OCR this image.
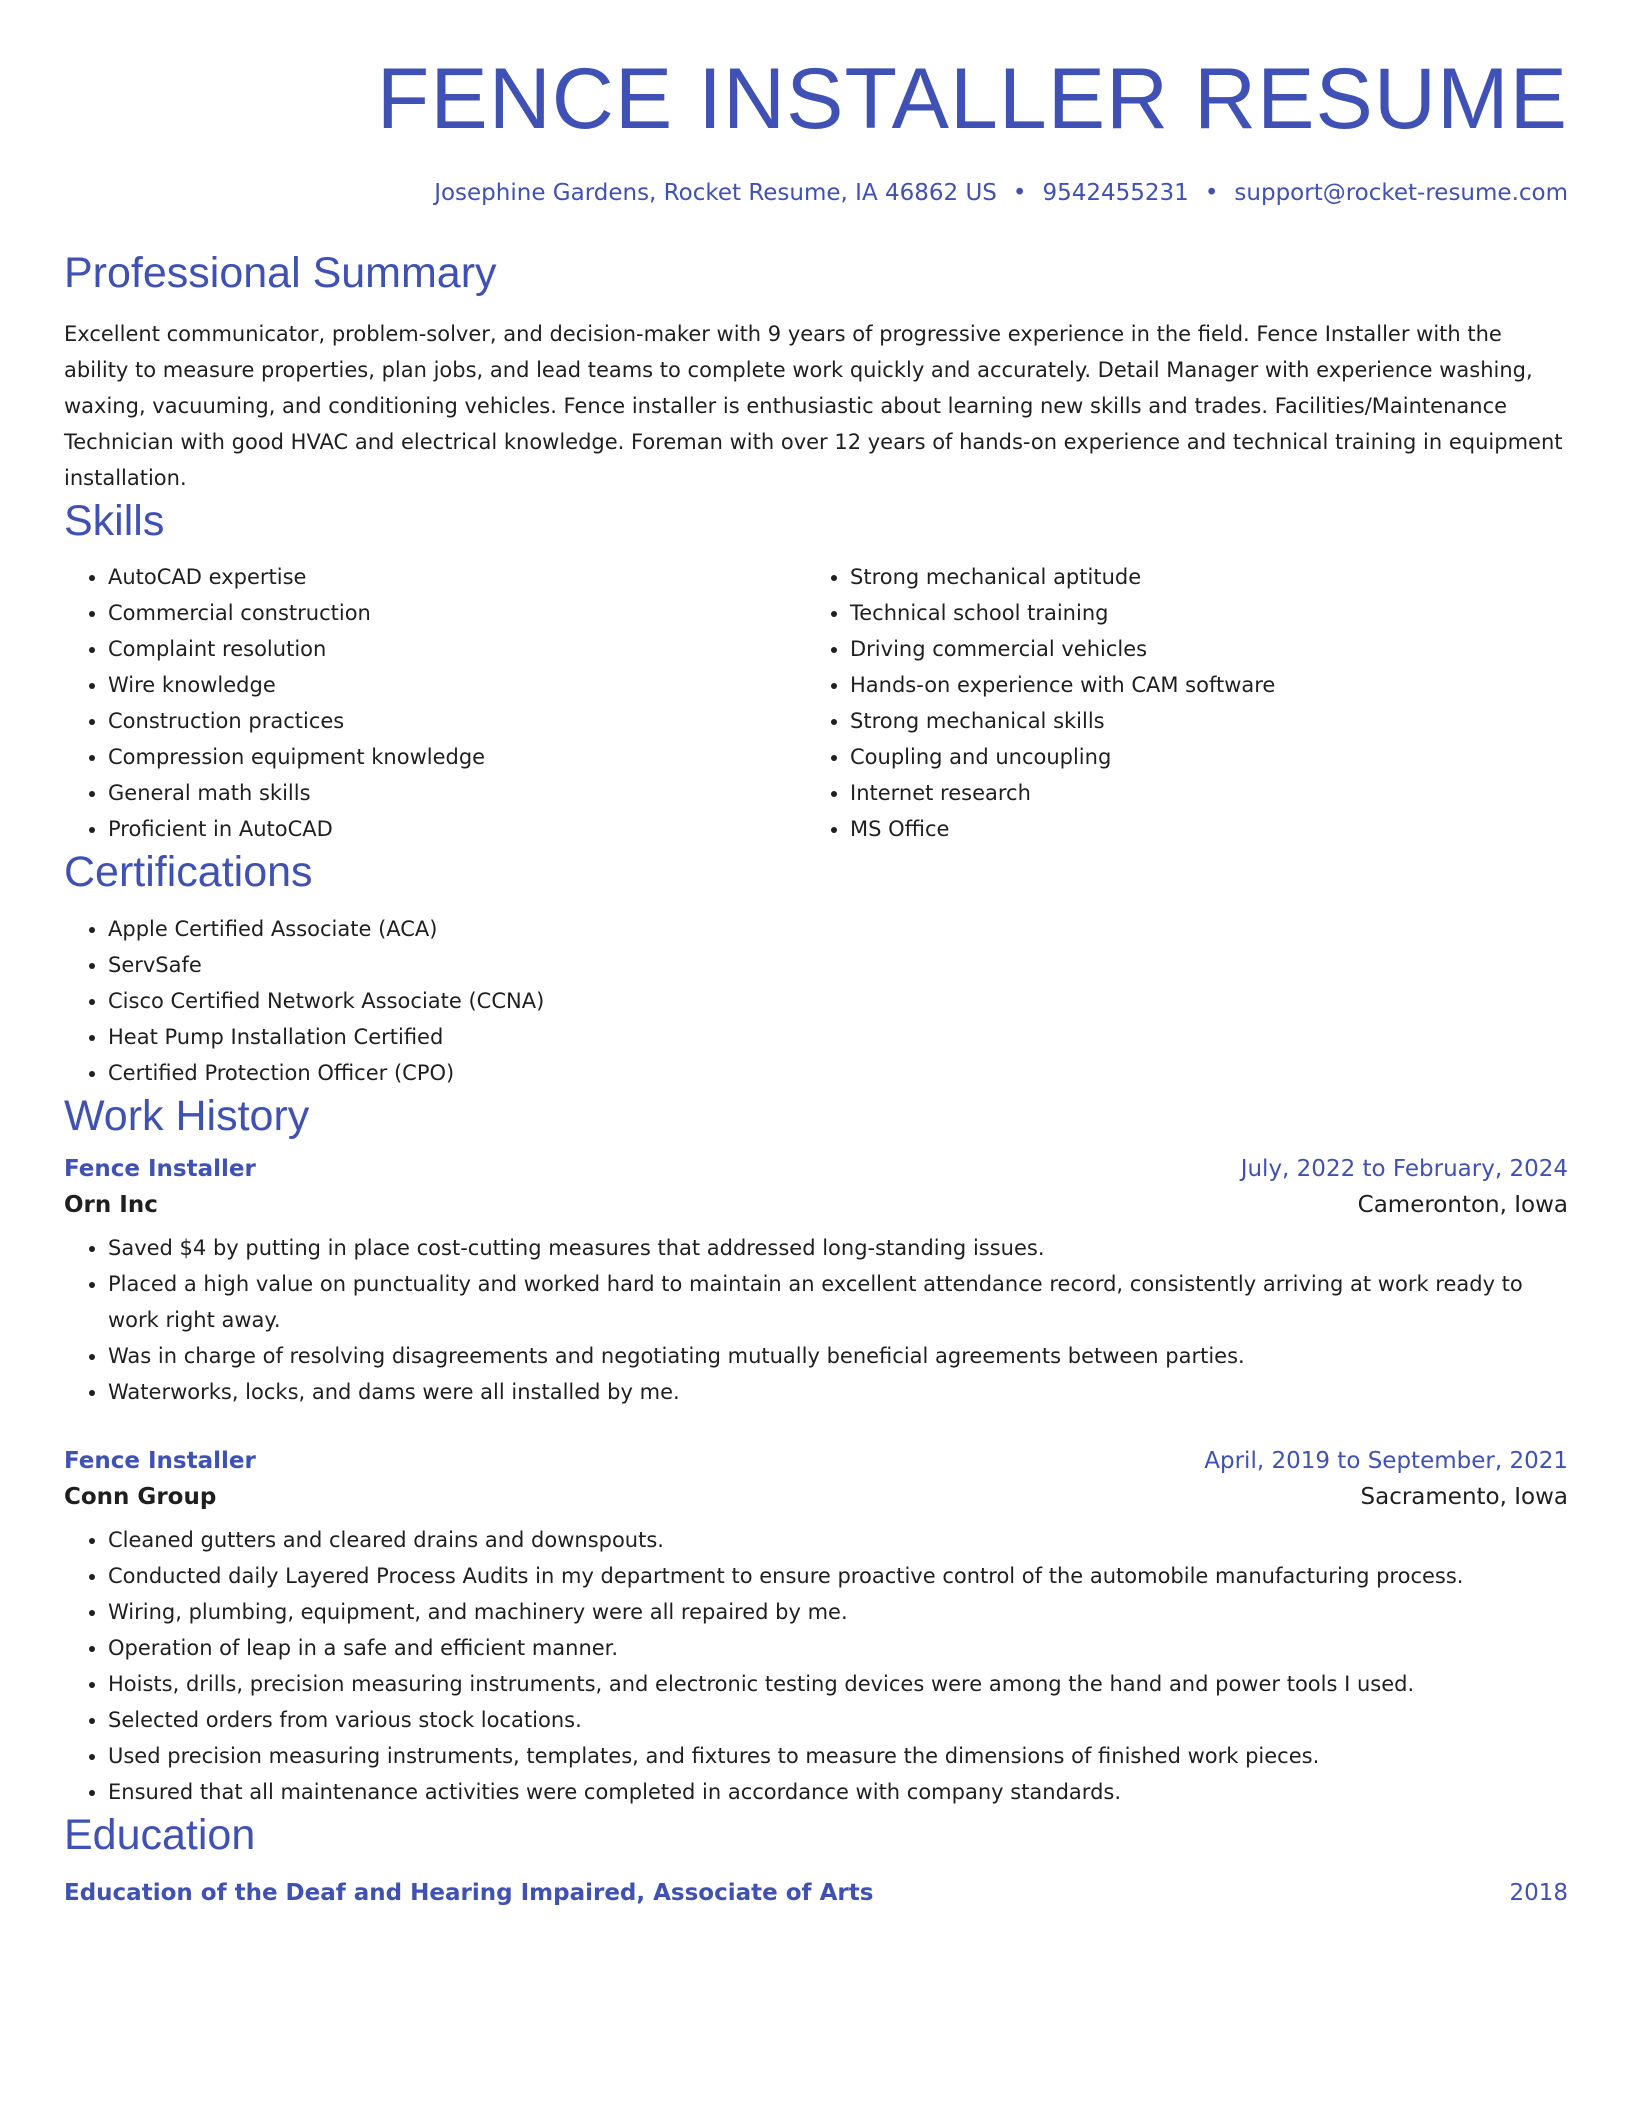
FENCE INSTALLER RESUME
Josephine Gardens, Rocket Resume, IA 46862 US • 9542455231 • support@rocket-resume.com
Professional Summary

Excellent communicator, problem-solver, and decision-maker with 9 years of progressive experience in the field. Fence Installer with the ability to measure properties, plan jobs, and lead teams to complete work quickly and accurately. Detail Manager with experience washing, waxing, vacuuming, and conditioning vehicles. Fence installer is enthusiastic about learning new skills and trades. Facilities/Maintenance Technician with good HVAC and electrical knowledge. Foreman with over 12 years of hands-on experience and technical training in equipment installation.

Skills
• AutoCAD expertise
• Commercial construction
• Complaint resolution
• Wire knowledge
• Construction practices
• Compression equipment knowledge
• General math skills
• Proficient in AutoCAD
• Strong mechanical aptitude
• Technical school training
• Driving commercial vehicles
• Hands-on experience with CAM software
• Strong mechanical skills
• Coupling and uncoupling
• Internet research
• MS Office
Certifications
• Apple Certified Associate (ACA)
• ServSafe
• Cisco Certified Network Associate (CCNA)
• Heat Pump Installation Certified
• Certified Protection Officer (CPO)
Work History
Fence Installer	July, 2022 to February, 2024
Orn Inc	Cameronton, Iowa
• Saved $4 by putting in place cost-cutting measures that addressed long-standing issues.
• Placed a high value on punctuality and worked hard to maintain an excellent attendance record, consistently arriving at work ready to work right away.
• Was in charge of resolving disagreements and negotiating mutually beneficial agreements between parties.
• Waterworks, locks, and dams were all installed by me.
Fence Installer	April, 2019 to September, 2021
Conn Group	Sacramento, Iowa
• Cleaned gutters and cleared drains and downspouts.
• Conducted daily Layered Process Audits in my department to ensure proactive control of the automobile manufacturing process.
• Wiring, plumbing, equipment, and machinery were all repaired by me.
• Operation of leap in a safe and efficient manner.
• Hoists, drills, precision measuring instruments, and electronic testing devices were among the hand and power tools I used.
• Selected orders from various stock locations.
• Used precision measuring instruments, templates, and fixtures to measure the dimensions of finished work pieces.
• Ensured that all maintenance activities were completed in accordance with company standards.
Education
Education of the Deaf and Hearing Impaired, Associate of Arts	2018
